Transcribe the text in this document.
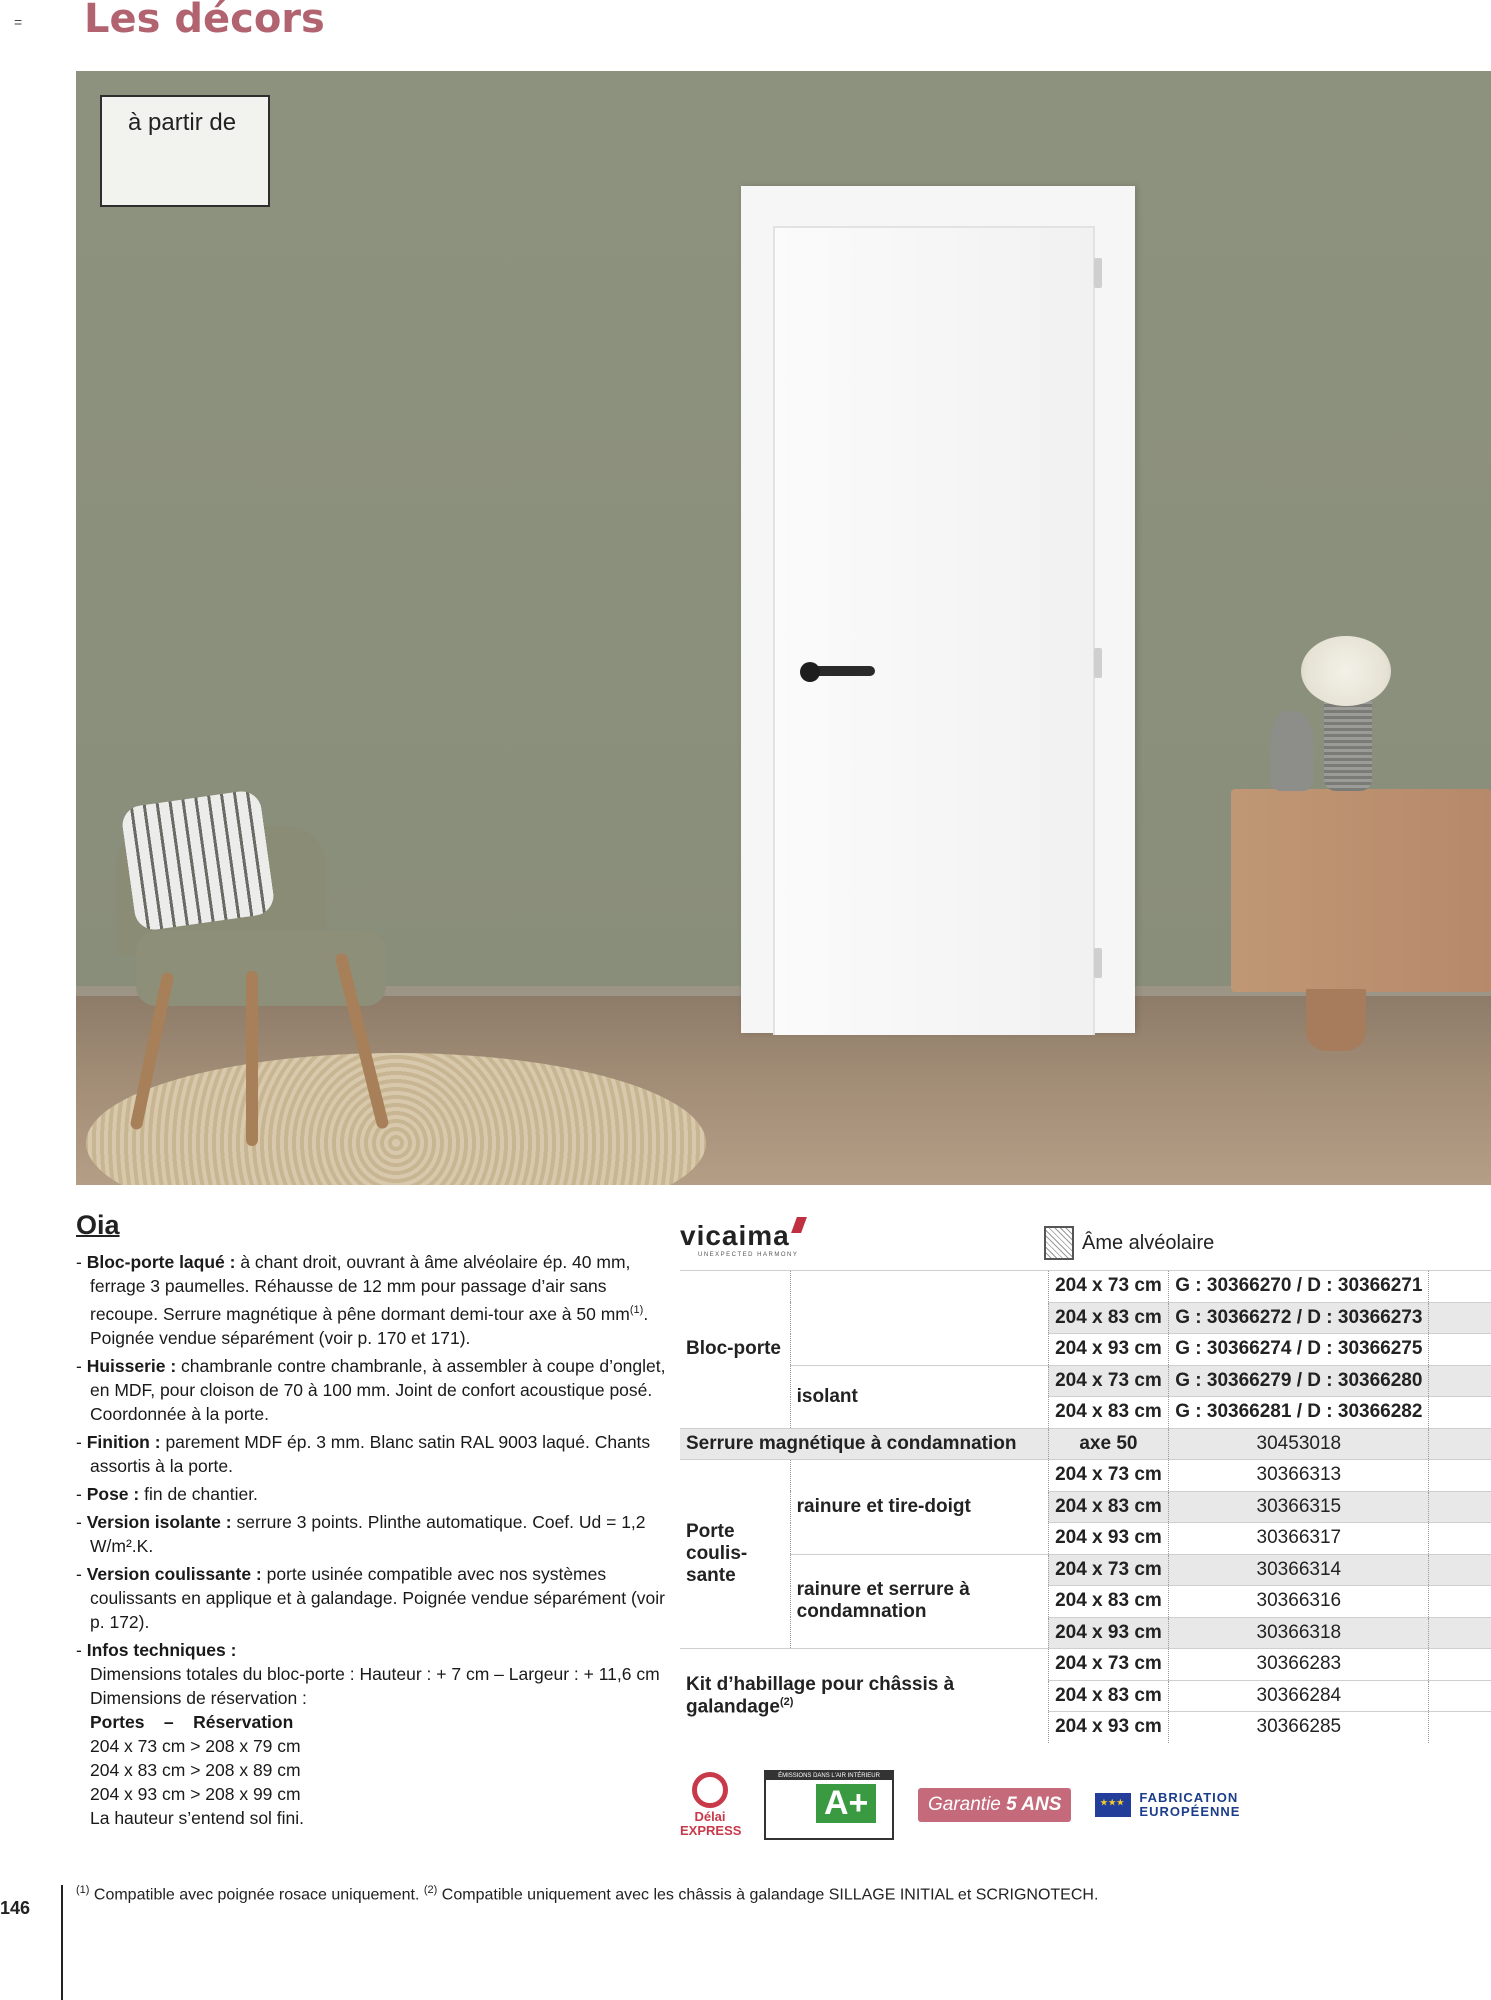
= Les décors
à partir de
Oia
- Bloc-porte laqué : à chant droit, ouvrant à âme alvéolaire ép. 40 mm, ferrage 3 paumelles. Réhausse de 12 mm pour passage d’air sans recoupe. Serrure magnétique à pêne dormant demi-tour axe à 50 $mm^{(1)}$. Poignée vendue séparément (voir p. 170 et 171).
- Huisserie : chambranle contre chambranle, à assembler à coupe d’onglet, en MDF, pour cloison de 70 à 100 mm. Joint de confort acoustique posé. Coordonnée à la porte.
- Finition : parement MDF ép. 3 mm. Blanc satin RAL 9003 laqué. Chants assortis à la porte.
- Pose : fin de chantier.
- Version isolante : serrure 3 points. Plinthe automatique. Coef. Ud = 1,2 W/m².K.
- Version coulissante : porte usinée compatible avec nos systèmes coulissants en applique et à galandage. Poignée vendue séparément (voir p. 172).
- Infos techniques :
Dimensions totales du bloc-porte : Hauteur : + 7 cm – Largeur : + 11,6 cm
Dimensions de réservation :
Portes    –    Réservation
204 x 73 cm > 208 x 79 cm
204 x 83 cm > 208 x 89 cm
204 x 93 cm > 208 x 99 cm
La hauteur s’entend sol fini.
vicaima
UNEXPECTED HARMONY
Âme alvéolaire
Bloc-porte		204 x 73 cm	G : 30366270 / D : 30366271	
		204 x 83 cm	G : 30366272 / D : 30366273	
		204 x 93 cm	G : 30366274 / D : 30366275	
	isolant	204 x 73 cm	G : 30366279 / D : 30366280	
		204 x 83 cm	G : 30366281 / D : 30366282	
Serrure magnétique à condamnation		axe 50	30453018	
Porte coulis-sante	rainure et tire-doigt	204 x 73 cm	30366313	
		204 x 83 cm	30366315	
		204 x 93 cm	30366317	
	rainure et serrure à condamnation	204 x 73 cm	30366314	
		204 x 83 cm	30366316	
		204 x 93 cm	30366318	
Kit d’habillage pour châssis à galandage$^{(2)}$		204 x 73 cm	30366283	
		204 x 83 cm	30366284	
		204 x 93 cm	30366285	
Délai
EXPRESS
ÉMISSIONS DANS L'AIR INTÉRIEUR
A+	Garantie 5 ANS ★★★	FABRICATION
EUROPÉENNE
146
$^{(1)}$ Compatible avec poignée rosace uniquement. $^{(2)}$ Compatible uniquement avec les châssis à galandage SILLAGE INITIAL et SCRIGNOTECH.
